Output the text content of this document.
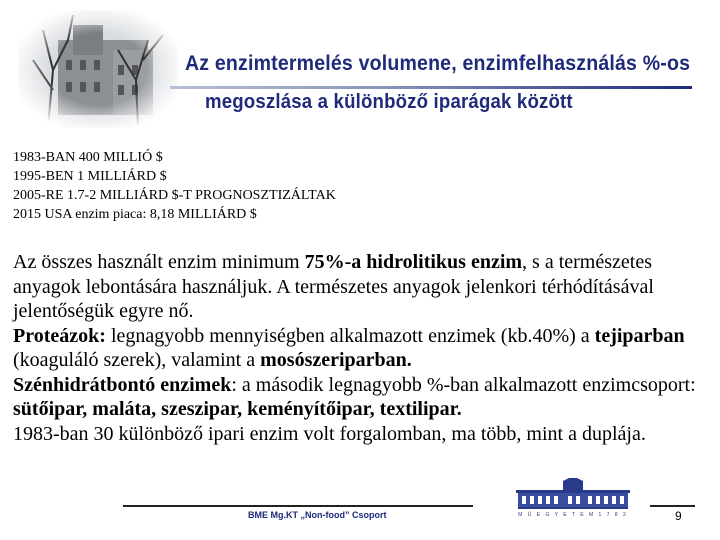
Az enzimtermelés volumene, enzimfelhasználás %-os
megoszlása a különböző iparágak között
1983-BAN 400 MILLIÓ $
1995-BEN 1 MILLIÁRD $
2005-RE 1.7-2 MILLIÁRD $-T PROGNOSZTIZÁLTAK
2015 USA enzim piaca: 8,18 MILLIÁRD $

Az összes használt enzim minimum 75%-a hidrolitikus enzim, s a természetes anyagok lebontására használjuk. A természetes anyagok jelenkori térhódításával jelentőségük egyre nő.

Proteázok: legnagyobb mennyiségben alkalmazott enzimek (kb.40%) a tejiparban (koaguláló szerek), valamint a mosószeriparban.

Szénhidrátbontó enzimek: a második legnagyobb %-ban alkalmazott enzimcsoport: sütőipar, maláta, szeszipar, keményítőipar, textilipar.

1983-ban 30 különböző ipari enzim volt forgalomban, ma több, mint a duplája.

M Ű E G Y E T E M 1 7 8 2
BME Mg.KT „Non-food” Csoport	9
